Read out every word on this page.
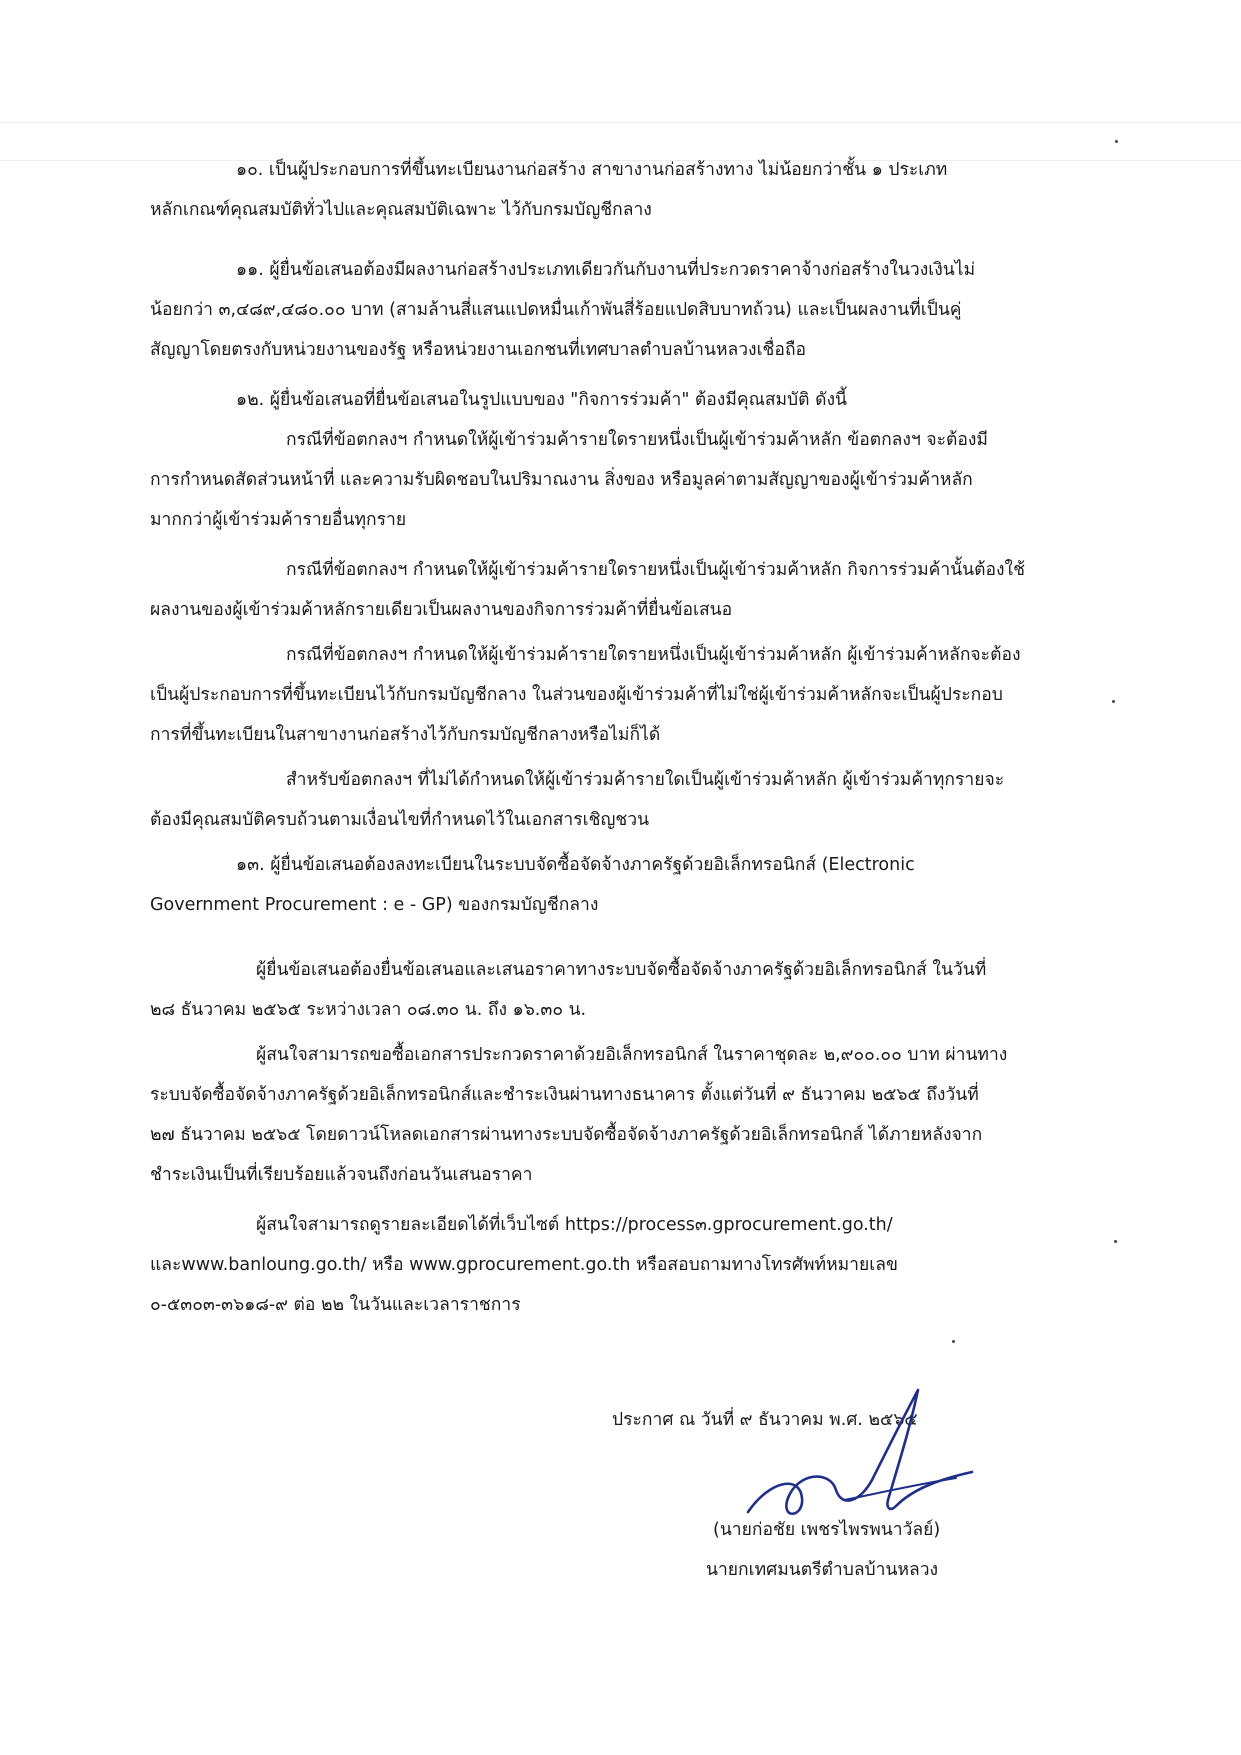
๑๐. เป็นผู้ประกอบการที่ขึ้นทะเบียนงานก่อสร้าง สาขางานก่อสร้างทาง ไม่น้อยกว่าชั้น ๑ ประเภท
หลักเกณฑ์คุณสมบัติทั่วไปและคุณสมบัติเฉพาะ ไว้กับกรมบัญชีกลาง
๑๑. ผู้ยื่นข้อเสนอต้องมีผลงานก่อสร้างประเภทเดียวกันกับงานที่ประกวดราคาจ้างก่อสร้างในวงเงินไม่
น้อยกว่า ๓,๔๘๙,๔๘๐.๐๐ บาท (สามล้านสี่แสนแปดหมื่นเก้าพันสี่ร้อยแปดสิบบาทถ้วน) และเป็นผลงานที่เป็นคู่
สัญญาโดยตรงกับหน่วยงานของรัฐ หรือหน่วยงานเอกชนที่เทศบาลตำบลบ้านหลวงเชื่อถือ
๑๒. ผู้ยื่นข้อเสนอที่ยื่นข้อเสนอในรูปแบบของ "กิจการร่วมค้า" ต้องมีคุณสมบัติ ดังนี้
กรณีที่ข้อตกลงฯ กำหนดให้ผู้เข้าร่วมค้ารายใดรายหนึ่งเป็นผู้เข้าร่วมค้าหลัก ข้อตกลงฯ จะต้องมี
การกำหนดสัดส่วนหน้าที่ และความรับผิดชอบในปริมาณงาน สิ่งของ หรือมูลค่าตามสัญญาของผู้เข้าร่วมค้าหลัก
มากกว่าผู้เข้าร่วมค้ารายอื่นทุกราย
กรณีที่ข้อตกลงฯ กำหนดให้ผู้เข้าร่วมค้ารายใดรายหนึ่งเป็นผู้เข้าร่วมค้าหลัก กิจการร่วมค้านั้นต้องใช้
ผลงานของผู้เข้าร่วมค้าหลักรายเดียวเป็นผลงานของกิจการร่วมค้าที่ยื่นข้อเสนอ
กรณีที่ข้อตกลงฯ กำหนดให้ผู้เข้าร่วมค้ารายใดรายหนึ่งเป็นผู้เข้าร่วมค้าหลัก ผู้เข้าร่วมค้าหลักจะต้อง
เป็นผู้ประกอบการที่ขึ้นทะเบียนไว้กับกรมบัญชีกลาง ในส่วนของผู้เข้าร่วมค้าที่ไม่ใช่ผู้เข้าร่วมค้าหลักจะเป็นผู้ประกอบ
การที่ขึ้นทะเบียนในสาขางานก่อสร้างไว้กับกรมบัญชีกลางหรือไม่ก็ได้
สำหรับข้อตกลงฯ ที่ไม่ได้กำหนดให้ผู้เข้าร่วมค้ารายใดเป็นผู้เข้าร่วมค้าหลัก ผู้เข้าร่วมค้าทุกรายจะ
ต้องมีคุณสมบัติครบถ้วนตามเงื่อนไขที่กำหนดไว้ในเอกสารเชิญชวน
๑๓. ผู้ยื่นข้อเสนอต้องลงทะเบียนในระบบจัดซื้อจัดจ้างภาครัฐด้วยอิเล็กทรอนิกส์ (Electronic
Government Procurement : e - GP) ของกรมบัญชีกลาง
ผู้ยื่นข้อเสนอต้องยื่นข้อเสนอและเสนอราคาทางระบบจัดซื้อจัดจ้างภาครัฐด้วยอิเล็กทรอนิกส์ ในวันที่
๒๘ ธันวาคม ๒๕๖๕ ระหว่างเวลา ๐๘.๓๐ น. ถึง ๑๖.๓๐ น.
ผู้สนใจสามารถขอซื้อเอกสารประกวดราคาด้วยอิเล็กทรอนิกส์ ในราคาชุดละ ๒,๙๐๐.๐๐ บาท ผ่านทาง
ระบบจัดซื้อจัดจ้างภาครัฐด้วยอิเล็กทรอนิกส์และชำระเงินผ่านทางธนาคาร ตั้งแต่วันที่ ๙ ธันวาคม ๒๕๖๕ ถึงวันที่
๒๗ ธันวาคม ๒๕๖๕ โดยดาวน์โหลดเอกสารผ่านทางระบบจัดซื้อจัดจ้างภาครัฐด้วยอิเล็กทรอนิกส์ ได้ภายหลังจาก
ชำระเงินเป็นที่เรียบร้อยแล้วจนถึงก่อนวันเสนอราคา
ผู้สนใจสามารถดูรายละเอียดได้ที่เว็บไซต์ https://process๓.gprocurement.go.th/
และwww.banloung.go.th/ หรือ www.gprocurement.go.th หรือสอบถามทางโทรศัพท์หมายเลข
๐-๕๓๐๓-๓๖๑๘-๙ ต่อ ๒๒ ในวันและเวลาราชการ
ประกาศ ณ วันที่ ๙ ธันวาคม พ.ศ. ๒๕๖๕
(นายก่อชัย เพชรไพรพนาวัลย์)
นายกเทศมนตรีตำบลบ้านหลวง
